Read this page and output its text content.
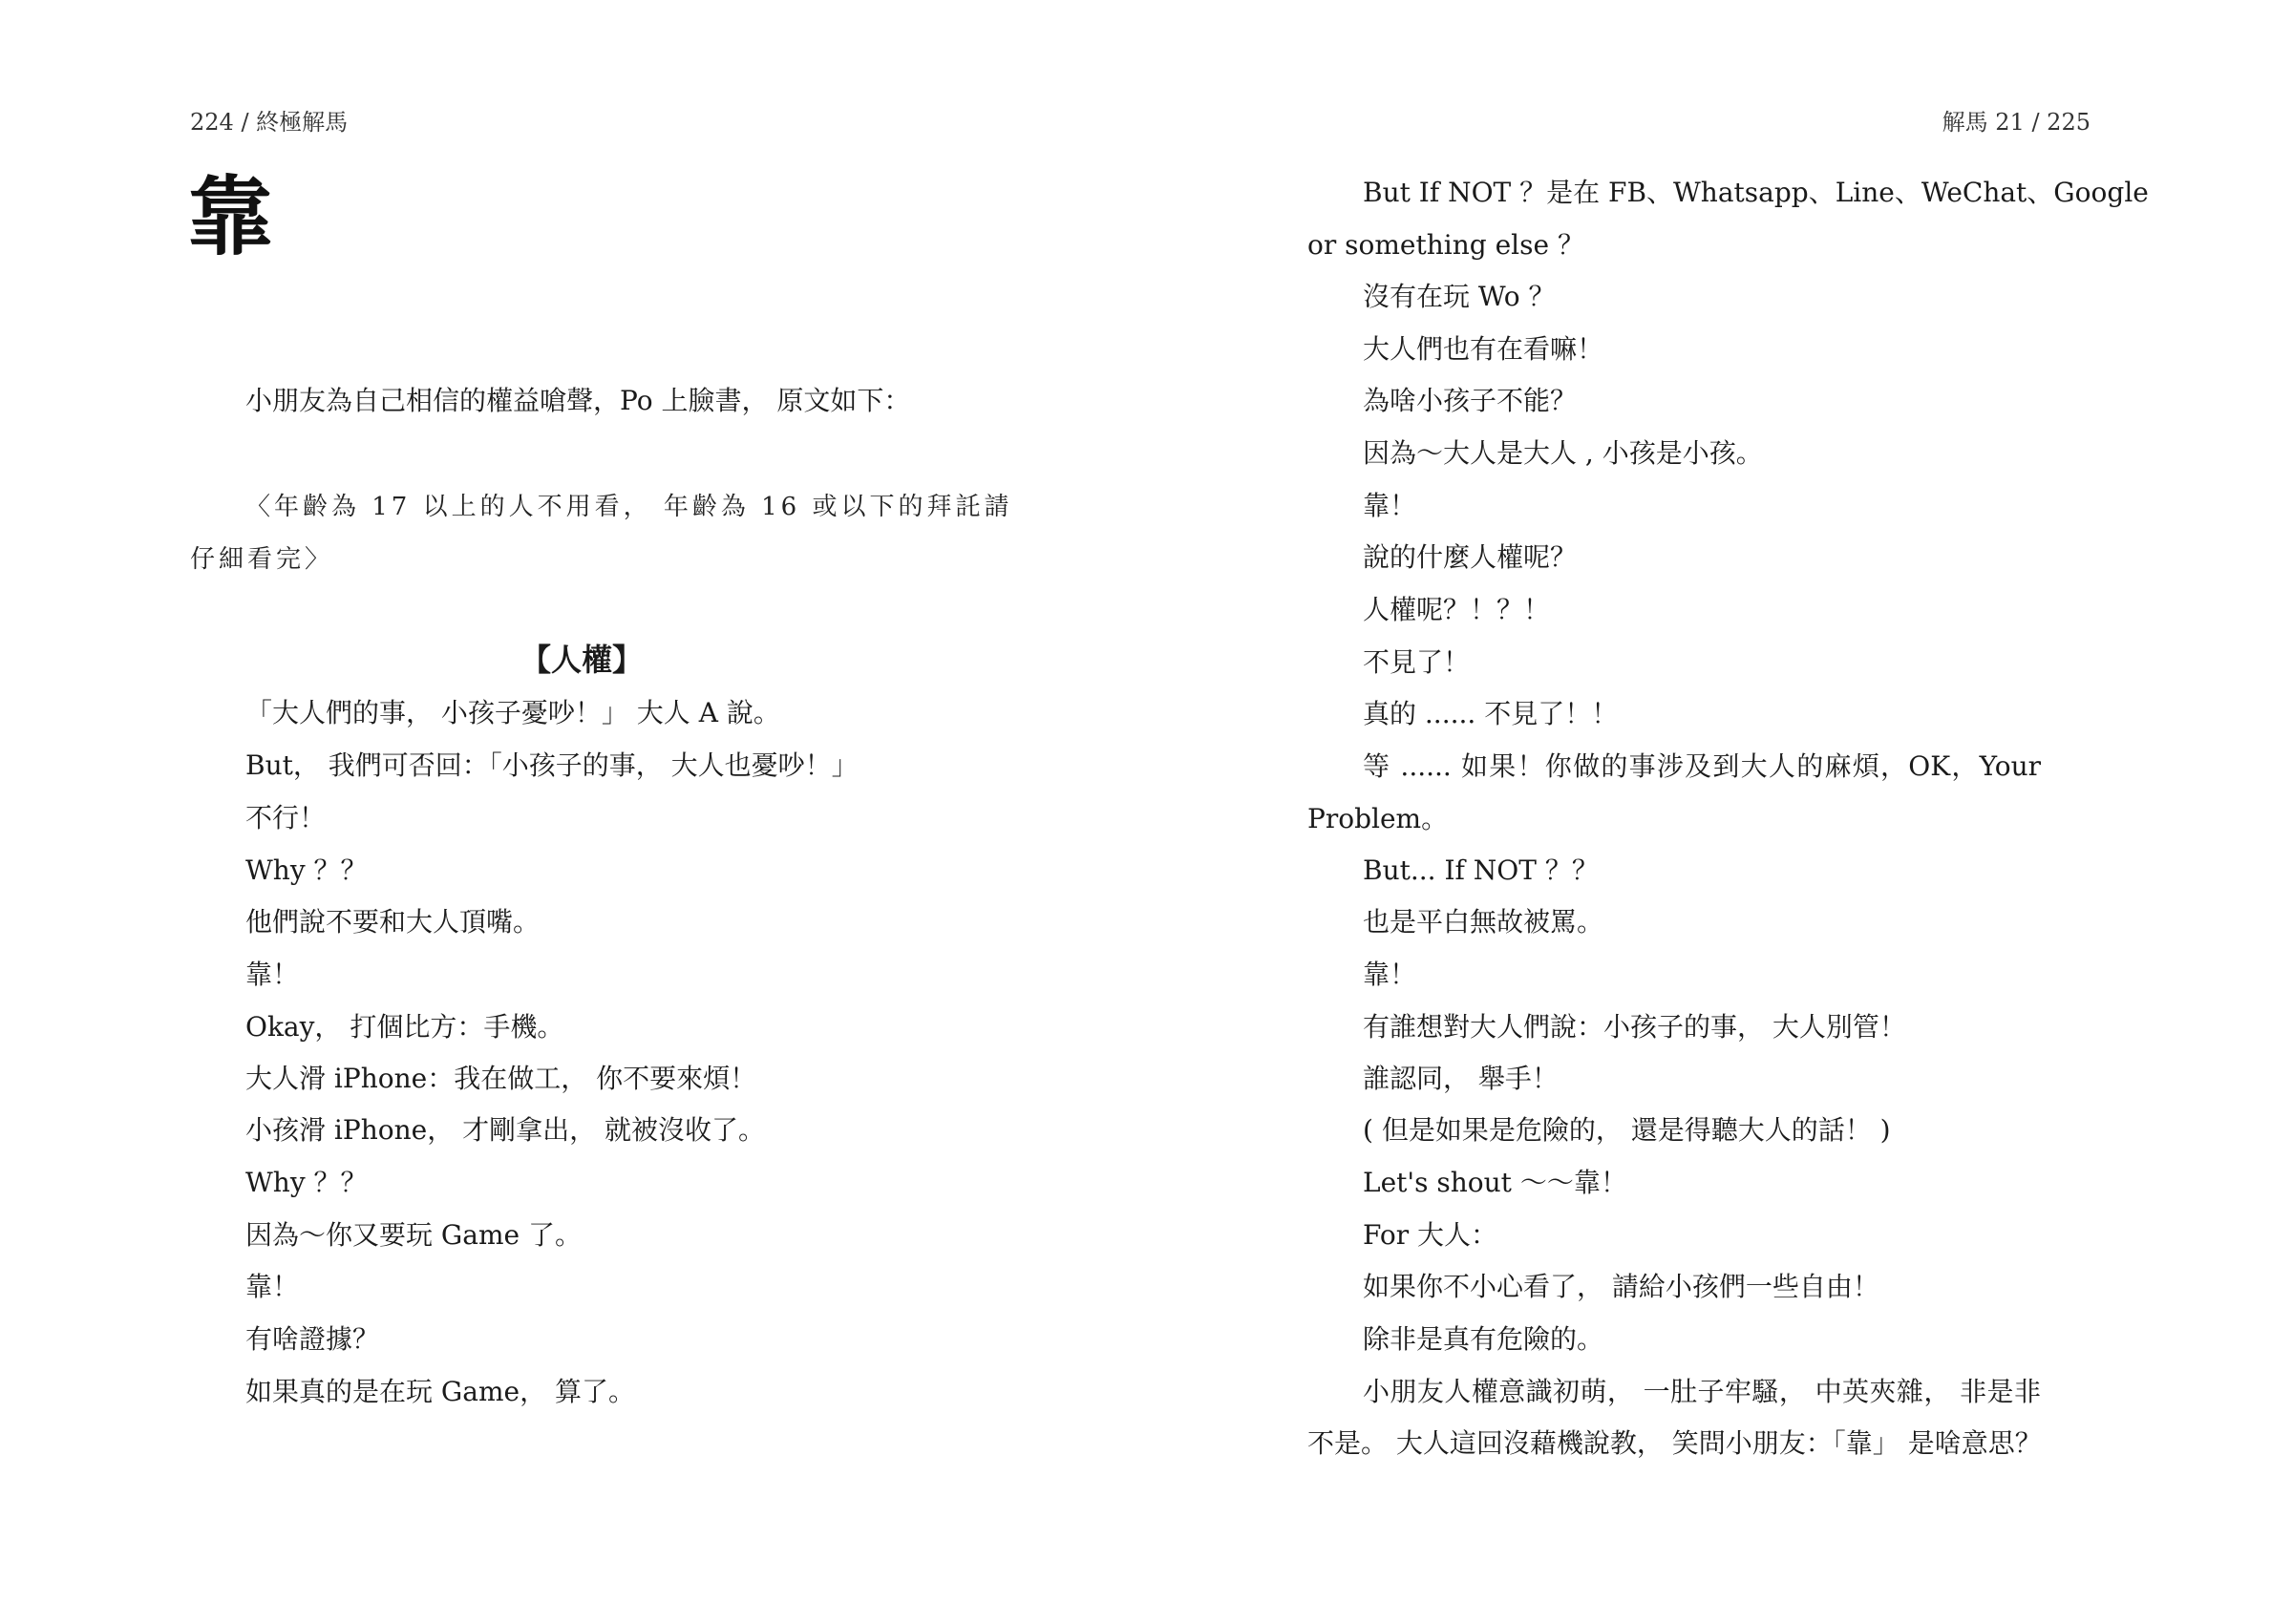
224 / 終極解馬
靠
小朋友為自己相信的權益嗆聲，Po 上臉書， 原文如下：
〈年齡為 17 以上的人不用看， 年齡為 16 或以下的拜託請
仔細看完〉
【人權】
「大人們的事， 小孩子憂吵！」 大人 A 說。
But， 我們可否回：「小孩子的事， 大人也憂吵！」
不行！
Why ？？
他們說不要和大人頂嘴。
靠！
Okay， 打個比方：手機。
大人滑 iPhone：我在做工， 你不要來煩！
小孩滑 iPhone， 才剛拿出， 就被沒收了。
Why ？？
因為～你又要玩 Game 了。
靠！
有啥證據？
如果真的是在玩 Game， 算了。
解馬 21 / 225
But If NOT ？是在 FB、Whatsapp、Line、WeChat、Google
or something else ？
沒有在玩 Wo ？
大人們也有在看嘛！
為啥小孩子不能？
因為～大人是大人 , 小孩是小孩。
靠！
說的什麼人權呢？
人權呢？！？！
不見了！
真的 ...... 不見了！！
等 ...... 如果！你做的事涉及到大人的麻煩，OK，Your
Problem。
But... If NOT ？？
也是平白無故被罵。
靠！
有誰想對大人們說：小孩子的事， 大人別管！
誰認同， 舉手！
( 但是如果是危險的， 還是得聽大人的話！ )
Let's shout ～～靠！
For 大人：
如果你不小心看了， 請給小孩們一些自由！
除非是真有危險的。
小朋友人權意識初萌， 一肚子牢騷， 中英夾雜， 非是非
不是。 大人這回沒藉機說教， 笑問小朋友：「靠」 是啥意思？
